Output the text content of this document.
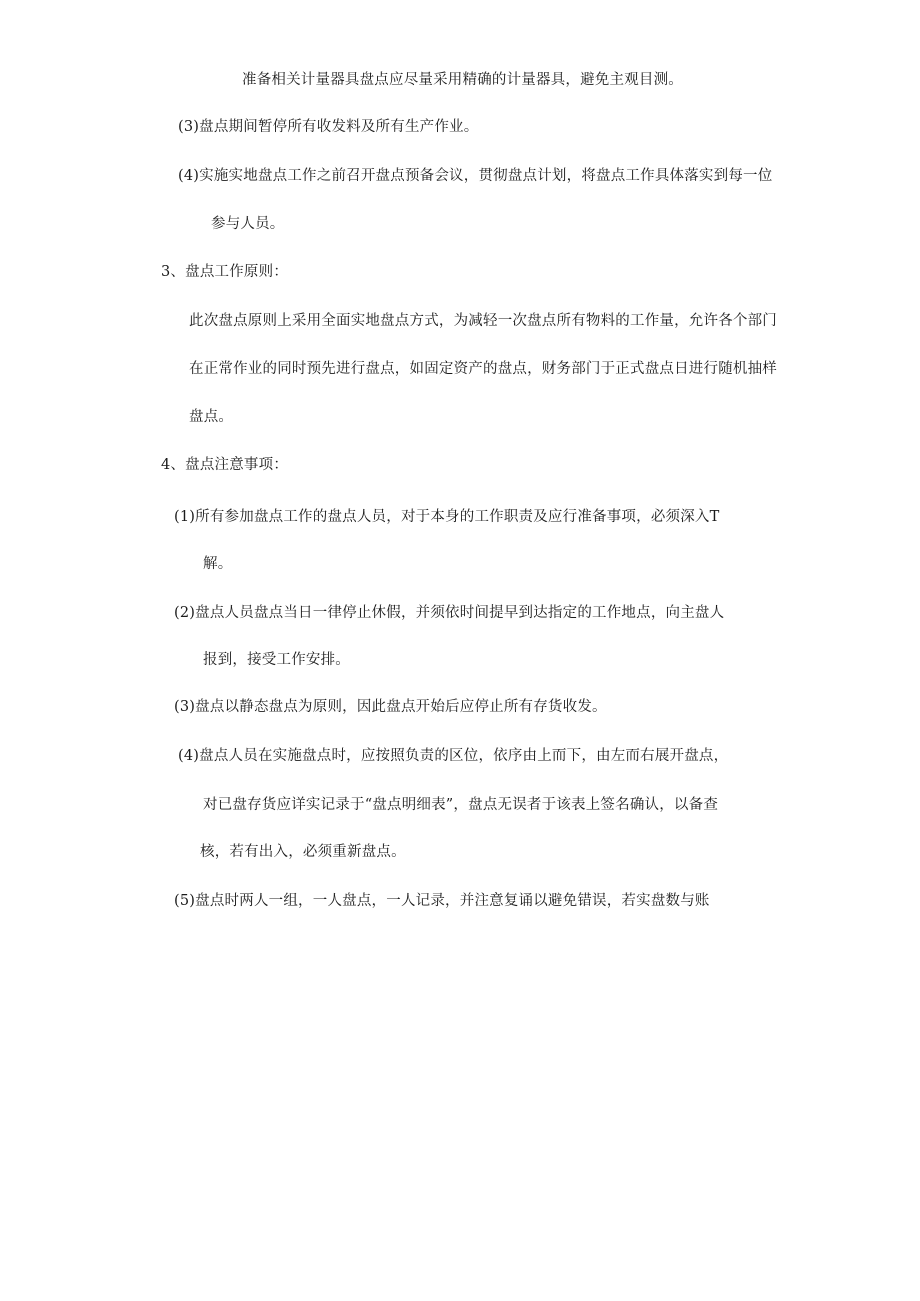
准备相关计量器具盘点应尽量采用精确的计量器具，避免主观目测。
(3)盘点期间暂停所有收发料及所有生产作业。
(4)实施实地盘点工作之前召开盘点预备会议，贯彻盘点计划，将盘点工作具体落实到每一位
参与人员。
3、盘点工作原则：
此次盘点原则上采用全面实地盘点方式，为减轻一次盘点所有物料的工作量，允许各个部门
在正常作业的同时预先进行盘点，如固定资产的盘点，财务部门于正式盘点日进行随机抽样
盘点。
4、盘点注意事项：
(1)所有参加盘点工作的盘点人员，对于本身的工作职责及应行准备事项，必须深入T
解。
(2)盘点人员盘点当日一律停止休假，并须依时间提早到达指定的工作地点，向主盘人
报到，接受工作安排。
(3)盘点以静态盘点为原则，因此盘点开始后应停止所有存货收发。
(4)盘点人员在实施盘点时，应按照负责的区位，依序由上而下，由左而右展开盘点，
对已盘存货应详实记录于“盘点明细表”，盘点无误者于该表上签名确认，以备查
核，若有出入，必须重新盘点。
(5)盘点时两人一组，一人盘点，一人记录，并注意复诵以避免错误，若实盘数与账
